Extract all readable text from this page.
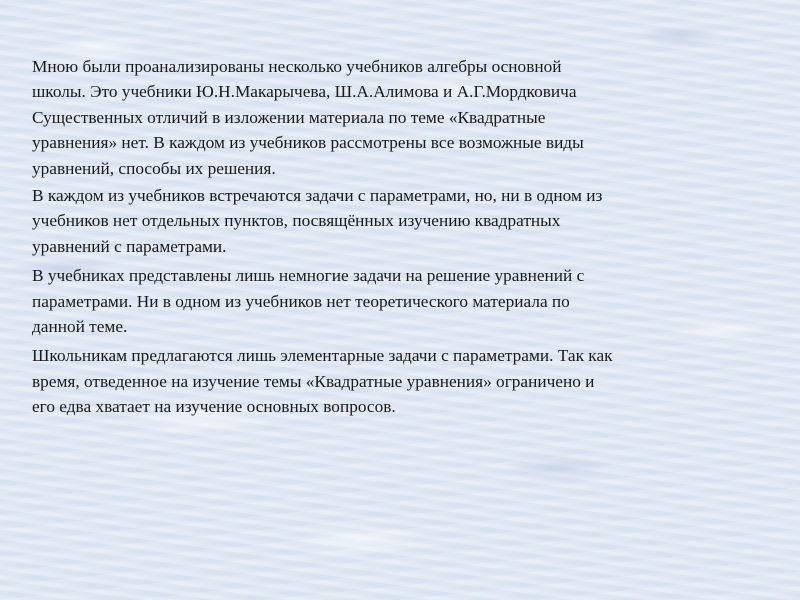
Мною были проанализированы несколько учебников алгебры основной
школы. Это учебники Ю.Н.Макарычева, Ш.А.Алимова и А.Г.Мордковича
Существенных отличий в изложении материала по теме «Квадратные
уравнения» нет. В каждом из учебников рассмотрены все возможные виды
уравнений, способы их решения.
В каждом из учебников встречаются задачи с параметрами, но, ни в одном из
учебников нет отдельных пунктов, посвящённых изучению квадратных
уравнений с параметрами.
В учебниках представлены лишь немногие задачи на решение уравнений с
параметрами. Ни в одном из учебников нет теоретического материала по
данной теме.
Школьникам предлагаются лишь элементарные задачи с параметрами. Так как
время, отведенное на изучение темы «Квадратные уравнения» ограничено и
его едва хватает на изучение основных вопросов.
